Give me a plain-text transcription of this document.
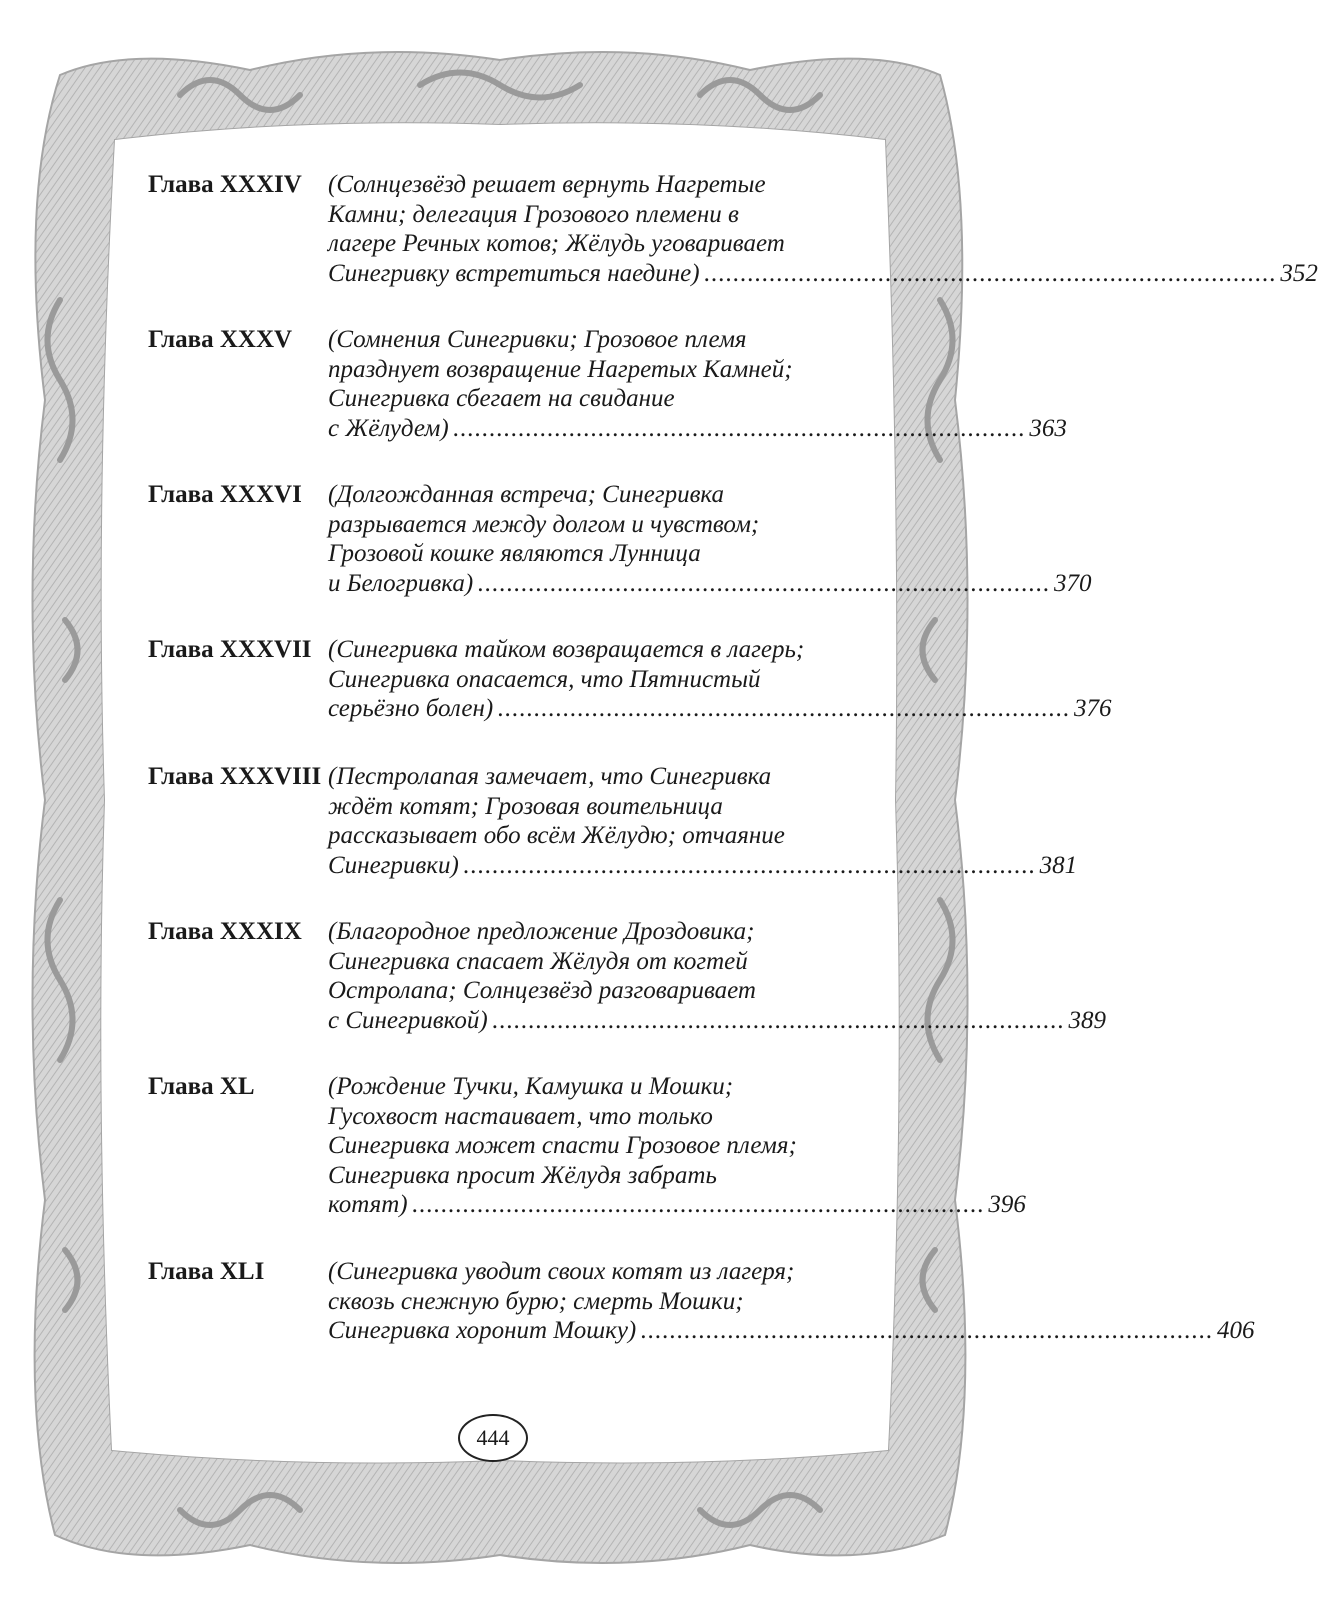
Глава XXXIV (Солнцезвёзд решает вернуть Нагретые
Камни; делегация Грозового племени в
лагере Речных котов; Жёлудь уговаривает
Синегривку встретиться наедине) ............................................................................... 352
Глава XXXV (Сомнения Синегривки; Грозовое племя
празднует возвращение Нагретых Камней;
Синегривка сбегает на свидание
с Жёлудем) ............................................................................... 363
Глава XXXVI (Долгожданная встреча; Синегривка
разрывается между долгом и чувством;
Грозовой кошке являются Лунница
и Белогривка) ............................................................................... 370
Глава XXXVII (Синегривка тайком возвращается в лагерь;
Синегривка опасается, что Пятнистый
серьёзно болен) ............................................................................... 376
Глава XXXVIII (Пестролапая замечает, что Синегривка
ждёт котят; Грозовая воительница
рассказывает обо всём Жёлудю; отчаяние
Синегривки) ............................................................................... 381
Глава XXXIX (Благородное предложение Дроздовика;
Синегривка спасает Жёлудя от когтей
Остролапа; Солнцезвёзд разговаривает
с Синегривкой) ............................................................................... 389
Глава XL	(Рождение Тучки, Камушка и Мошки;
Гусохвост настаивает, что только
Синегривка может спасти Грозовое племя;
Синегривка просит Жёлудя забрать
котят) ............................................................................... 396
Глава XLI	(Синегривка уводит своих котят из лагеря;
сквозь снежную бурю; смерть Мошки;
Синегривка хоронит Мошку) ............................................................................... 406
444
